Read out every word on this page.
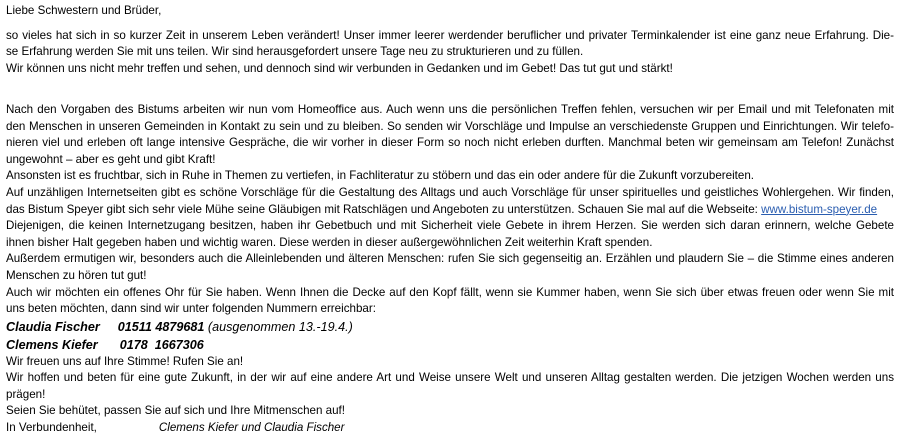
Liebe Schwestern und Brüder,
so vieles hat sich in so kurzer Zeit in unserem Leben verändert! Unser immer leerer werdender beruflicher und privater Terminkalender ist eine ganz neue Erfahrung. Die-
se Erfahrung werden Sie mit uns teilen. Wir sind herausgefordert unsere Tage neu zu strukturieren und zu füllen.
Wir können uns nicht mehr treffen und sehen, und dennoch sind wir verbunden in Gedanken und im Gebet! Das tut gut und stärkt!
Nach den Vorgaben des Bistums arbeiten wir nun vom Homeoffice aus. Auch wenn uns die persönlichen Treffen fehlen, versuchen wir per Email und mit Telefonaten mit
den Menschen in unseren Gemeinden in Kontakt zu sein und zu bleiben. So senden wir Vorschläge und Impulse an verschiedenste Gruppen und Einrichtungen. Wir telefo-
nieren viel und erleben oft lange intensive Gespräche, die wir vorher in dieser Form so noch nicht erleben durften. Manchmal beten wir gemeinsam am Telefon! Zunächst
ungewohnt – aber es geht und gibt Kraft!
Ansonsten ist es fruchtbar, sich in Ruhe in Themen zu vertiefen, in Fachliteratur zu stöbern und das ein oder andere für die Zukunft vorzubereiten.
Auf unzähligen Internetseiten gibt es schöne Vorschläge für die Gestaltung des Alltags und auch Vorschläge für unser spirituelles und geistliches Wohlergehen. Wir finden,
das Bistum Speyer gibt sich sehr viele Mühe seine Gläubigen mit Ratschlägen und Angeboten zu unterstützen. Schauen Sie mal auf die Webseite: www.bistum-speyer.de
Diejenigen, die keinen Internetzugang besitzen, haben ihr Gebetbuch und mit Sicherheit viele Gebete in ihrem Herzen. Sie werden sich daran erinnern, welche Gebete
ihnen bisher Halt gegeben haben und wichtig waren. Diese werden in dieser außergewöhnlichen Zeit weiterhin Kraft spenden.
Außerdem ermutigen wir, besonders auch die Alleinlebenden und älteren Menschen: rufen Sie sich gegenseitig an. Erzählen und plaudern Sie – die Stimme eines anderen
Menschen zu hören tut gut!
Auch wir möchten ein offenes Ohr für Sie haben. Wenn Ihnen die Decke auf den Kopf fällt, wenn sie Kummer haben, wenn Sie sich über etwas freuen oder wenn Sie mit
uns beten möchten, dann sind wir unter folgenden Nummern erreichbar:
Claudia Fischer 01511 4879681 (ausgenommen 13.-19.4.)
Clemens Kiefer 0178  1667306
Wir freuen uns auf Ihre Stimme! Rufen Sie an!
Wir hoffen und beten für eine gute Zukunft, in der wir auf eine andere Art und Weise unsere Welt und unseren Alltag gestalten werden. Die jetzigen Wochen werden uns
prägen!
Seien Sie behütet, passen Sie auf sich und Ihre Mitmenschen auf!
In Verbundenheit,	Clemens Kiefer und Claudia Fischer
